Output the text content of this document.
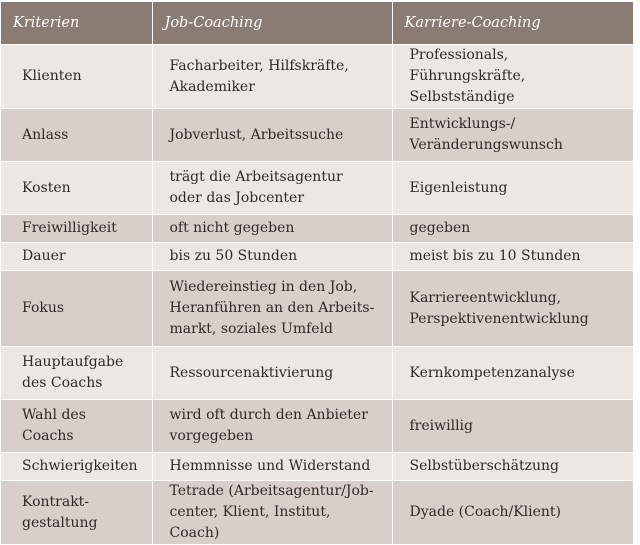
Kriterien	Job-Coaching	Karriere-Coaching
Klienten	Facharbeiter, Hilfskräfte, Akademiker	Professionals, Führungskräfte, Selbstständige
Anlass	Jobverlust, Arbeitssuche	Entwicklungs-/ Veränderungswunsch
Kosten	trägt die Arbeitsagentur oder das Jobcenter	Eigenleistung
Freiwilligkeit	oft nicht gegeben	gegeben
Dauer	bis zu 50 Stunden	meist bis zu 10 Stunden
Fokus	Wiedereinstieg in den Job, Heranführen an den Arbeits-markt, soziales Umfeld	Karriereentwicklung, Perspektivenentwicklung
Hauptaufgabe des Coachs	Ressourcenaktivierung	Kernkompetenzanalyse
Wahl des Coachs	wird oft durch den Anbieter vorgegeben	freiwillig
Schwierigkeiten	Hemmnisse und Widerstand	Selbstüberschätzung
Kontrakt-gestaltung	Tetrade (Arbeitsagentur/Job-center, Klient, Institut, Coach)	Dyade (Coach/Klient)
